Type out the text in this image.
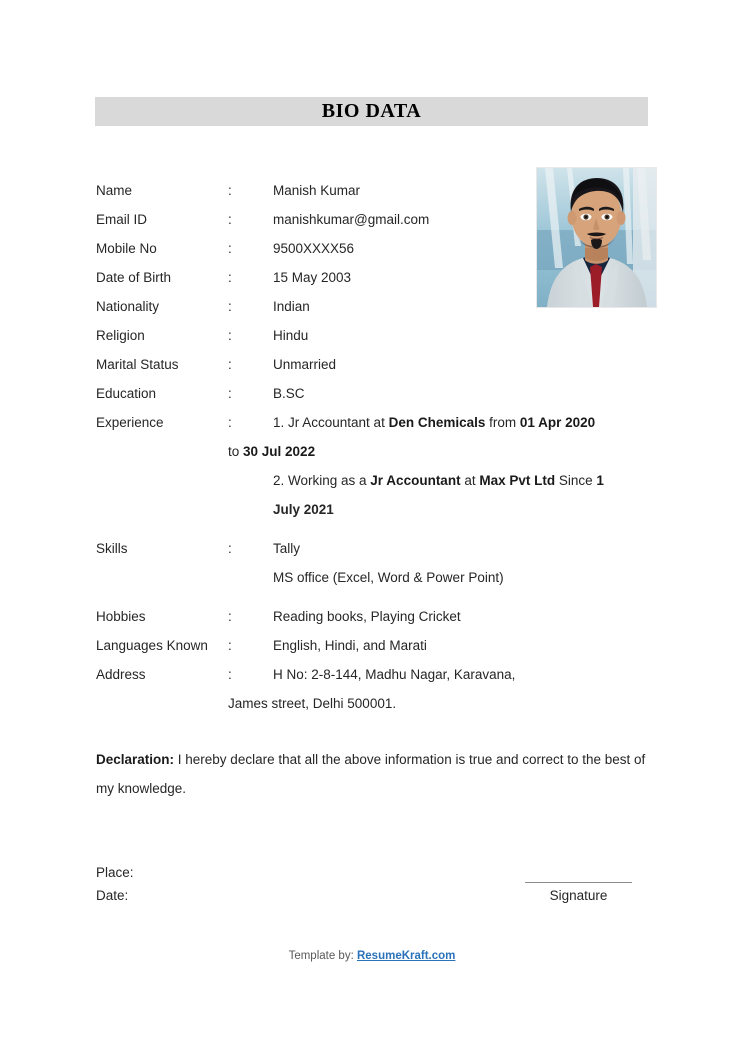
BIO DATA
Name	:	Manish Kumar
Email ID	:	manishkumar@gmail.com
Mobile No	:	9500XXXX56
Date of Birth	:	15 May 2003
Nationality	:	Indian
Religion	:	Hindu
Marital Status	:	Unmarried
Education	:	B.SC
Experience	:	1. Jr Accountant at Den Chemicals from 01 Apr 2020
to 30 Jul 2022
2. Working as a Jr Accountant at Max Pvt Ltd Since 1
July 2021
Skills	:	Tally
MS office (Excel, Word & Power Point)
Hobbies	:	Reading books, Playing Cricket
Languages Known :	English, Hindi, and Marati
Address	:	H No: 2-8-144, Madhu Nagar, Karavana,
James street, Delhi 500001.
Declaration: I hereby declare that all the above information is true and correct to the best of my knowledge.
Place:
Date:	Signature
Template by: ResumeKraft.com
